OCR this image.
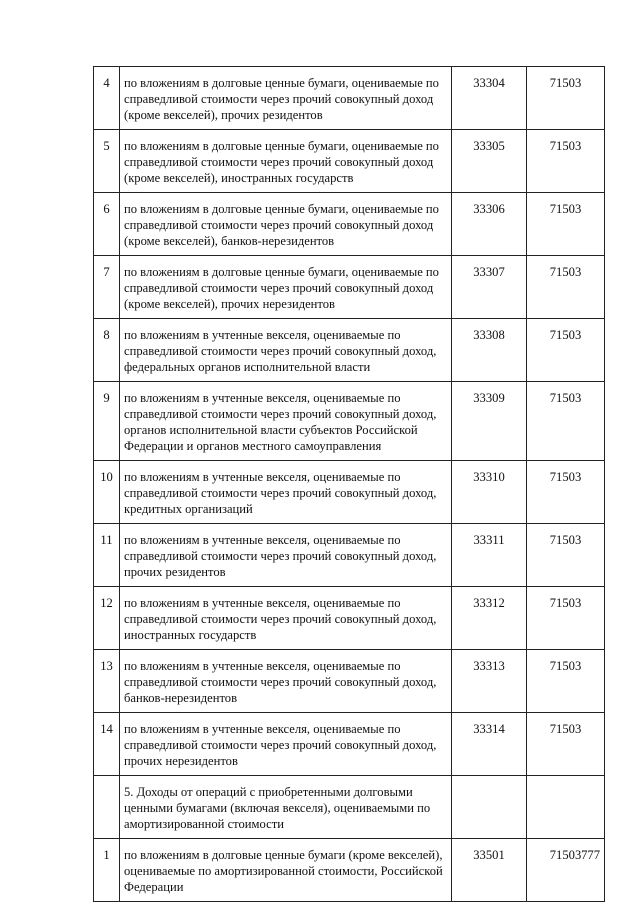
4	по вложениям в долговые ценные бумаги, оцениваемые по справедливой стоимости через прочий совокупный доход (кроме векселей), прочих резидентов	33304	71503
5	по вложениям в долговые ценные бумаги, оцениваемые по справедливой стоимости через прочий совокупный доход (кроме векселей), иностранных государств	33305	71503
6	по вложениям в долговые ценные бумаги, оцениваемые по справедливой стоимости через прочий совокупный доход (кроме векселей), банков-нерезидентов	33306	71503
7	по вложениям в долговые ценные бумаги, оцениваемые по справедливой стоимости через прочий совокупный доход (кроме векселей), прочих нерезидентов	33307	71503
8	по вложениям в учтенные векселя, оцениваемые по справедливой стоимости через прочий совокупный доход, федеральных органов исполнительной власти	33308	71503
9	по вложениям в учтенные векселя, оцениваемые по справедливой стоимости через прочий совокупный доход, органов исполнительной власти субъектов Российской Федерации и органов местного самоуправления	33309	71503
10	по вложениям в учтенные векселя, оцениваемые по справедливой стоимости через прочий совокупный доход, кредитных организаций	33310	71503
11	по вложениям в учтенные векселя, оцениваемые по справедливой стоимости через прочий совокупный доход, прочих резидентов	33311	71503
12	по вложениям в учтенные векселя, оцениваемые по справедливой стоимости через прочий совокупный доход, иностранных государств	33312	71503
13	по вложениям в учтенные векселя, оцениваемые по справедливой стоимости через прочий совокупный доход, банков-нерезидентов	33313	71503
14	по вложениям в учтенные векселя, оцениваемые по справедливой стоимости через прочий совокупный доход, прочих нерезидентов	33314	71503
	5. Доходы от операций с приобретенными долговыми ценными бумагами (включая векселя), оцениваемыми по амортизированной стоимости		
1	по вложениям в долговые ценные бумаги (кроме векселей), оцениваемые по амортизированной стоимости, Российской Федерации	33501	71503 777
